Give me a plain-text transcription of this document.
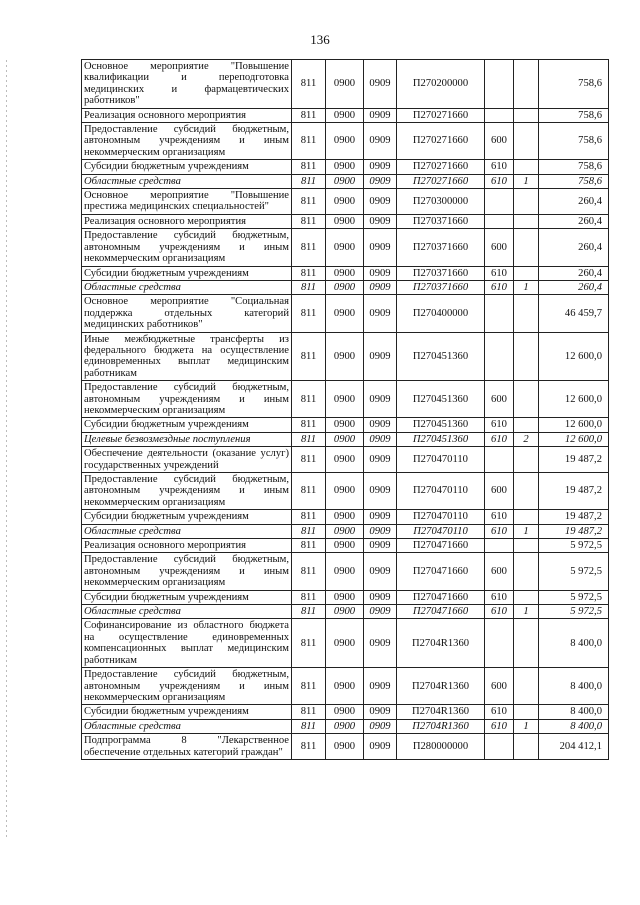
136
Основное мероприятие "Повышение квалификации и переподготовка медицинских и фармацевтических работников"	811	0900	0909	П270200000			758,6
Реализация основного мероприятия	811	0900	0909	П270271660			758,6
Предоставление субсидий бюджетным, автономным учреждениям и иным некоммерческим организациям	811	0900	0909	П270271660	600		758,6
Субсидии бюджетным учреждениям	811	0900	0909	П270271660	610		758,6
Областные средства	811	0900	0909	П270271660	610	1	758,6
Основное мероприятие "Повышение престижа медицинских специальностей"	811	0900	0909	П270300000			260,4
Реализация основного мероприятия	811	0900	0909	П270371660			260,4
Предоставление субсидий бюджетным, автономным учреждениям и иным некоммерческим организациям	811	0900	0909	П270371660	600		260,4
Субсидии бюджетным учреждениям	811	0900	0909	П270371660	610		260,4
Областные средства	811	0900	0909	П270371660	610	1	260,4
Основное мероприятие "Социальная поддержка отдельных категорий медицинских работников"	811	0900	0909	П270400000			46 459,7
Иные межбюджетные трансферты из федерального бюджета на осуществление единовременных выплат медицинским работникам	811	0900	0909	П270451360			12 600,0
Предоставление субсидий бюджетным, автономным учреждениям и иным некоммерческим организациям	811	0900	0909	П270451360	600		12 600,0
Субсидии бюджетным учреждениям	811	0900	0909	П270451360	610		12 600,0
Целевые безвозмездные поступления	811	0900	0909	П270451360	610	2	12 600,0
Обеспечение деятельности (оказание услуг) государственных учреждений	811	0900	0909	П270470110			19 487,2
Предоставление субсидий бюджетным, автономным учреждениям и иным некоммерческим организациям	811	0900	0909	П270470110	600		19 487,2
Субсидии бюджетным учреждениям	811	0900	0909	П270470110	610		19 487,2
Областные средства	811	0900	0909	П270470110	610	1	19 487,2
Реализация основного мероприятия	811	0900	0909	П270471660			5 972,5
Предоставление субсидий бюджетным, автономным учреждениям и иным некоммерческим организациям	811	0900	0909	П270471660	600		5 972,5
Субсидии бюджетным учреждениям	811	0900	0909	П270471660	610		5 972,5
Областные средства	811	0900	0909	П270471660	610	1	5 972,5
Софинансирование из областного бюджета на осуществление единовременных компенсационных выплат медицинским работникам	811	0900	0909	П2704R1360			8 400,0
Предоставление субсидий бюджетным, автономным учреждениям и иным некоммерческим организациям	811	0900	0909	П2704R1360	600		8 400,0
Субсидии бюджетным учреждениям	811	0900	0909	П2704R1360	610		8 400,0
Областные средства	811	0900	0909	П2704R1360	610	1	8 400,0
Подпрограмма 8 "Лекарственное обеспечение отдельных категорий граждан"	811	0900	0909	П280000000			204 412,1
